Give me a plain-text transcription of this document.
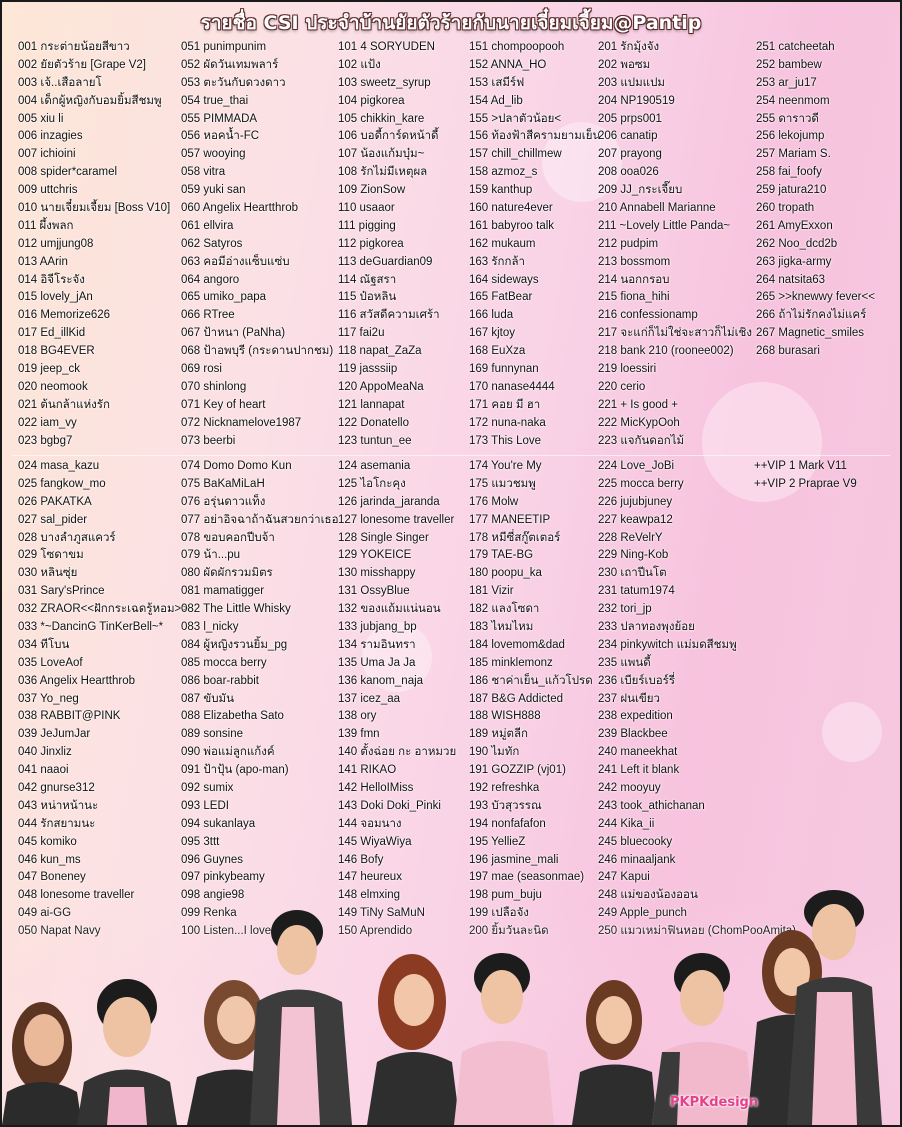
รายชื่อ CSI ประจำบ้านยัยตัวร้ายกับนายเจี๋ยมเจี้ยม@Pantip
001 กระต่ายน้อยสีขาว
002 ยัยตัวร้าย [Grape V2]
003 เจ้..เสือลายโ
004 เด็กผู้หญิงกับอมยิ้มสีชมพู
005 xiu li
006 inzagies
007 ichioini
008 spider*caramel
009 uttchris
010 นายเจี๋ยมเจี้ยม [Boss V10]
011 ผึ้งพลก
012 umjjung08
013 AArin
014 อิจีโระจัง
015 lovely_jAn
016 Memorize626
017 Ed_illKid
018 BG4EVER
019 jeep_ck
020 neomook
021 ต้นกล้าแห่งรัก
022 iam_vy
023 bgbg7
051 punimpunim
052 ผัดวันเทมพลาร์
053 ตะวันกับดวงดาว
054 true_thai
055 PIMMADA
056 หอคน้ำ-FC
057 wooying
058 vitra
059 yuki san
060 Angelix Heartthrob
061 ellvira
062 Satyros
063 คอมีอ่างแซ็บแซ่บ
064 angoro
065 umiko_papa
066 RTree
067 ป้าหนา (PaNha)
068 ป้าอพบุรี (กระดานปากชม)
069 rosi
070 shinlong
071 Key of heart
072 Nicknamelove1987
073 beerbi
101 4 SORYUDEN
102 แป้ง
103 sweetz_syrup
104 pigkorea
105 chikkin_kare
106 บอดี้การ์ดหน้าดี้
107 น้องแก้มบุ๋ม~
108 รักไม่มีเหตุผล
109 ZionSow
110 usaaor
111 pigging
112 pigkorea
113 deGuardian09
114 ณัฐสรา
115 ป๋อหลิน
116 สวัสดีความเศร้า
117 fai2u
118 napat_ZaZa
119 jasssiip
120 AppoMeaNa
121 lannapat
122 Donatello
123 tuntun_ee
151 chompoopooh
152 ANNA_HO
153 เสมีร์ฟ
154 Ad_lib
155 >ปลาตัวน้อย<
156 ท้องฟ้าสีครามยามเย็น
157 chill_chillmew
158 azmoz_s
159 kanthup
160 nature4ever
161 babyroo talk
162 mukaum
163 รักกล้า
164 sideways
165 FatBear
166 luda
167 kjtoy
168 EuXza
169 funnynan
170 nanase4444
171 คอย มี ฮา
172 nuna-naka
173 This Love
201 รักมุ้งจัง
202 พอซม
203 แปมแปม
204 NP190519
205 prps001
206 canatip
207 prayong
208 ooa026
209 JJ_กระเจี๊ยบ
210 Annabell Marianne
211 ~Lovely Little Panda~
212 pudpim
213 bossmom
214 นอกกรอบ
215 fiona_hihi
216 confessionamp
217 จะแก่ก็ไม่ใช่จะสาวก็ไม่เชิง
218 bank 210 (roonee002)
219 loessiri
220 cerio
221 + Is good +
222 MicKypOoh
223 แจกันดอกไม้
251 catcheetah
252 bambew
253 ar_ju17
254 neenmom
255 ดาราวดี
256 lekojump
257 Mariam S.
258 fai_foofy
259 jatura210
260 tropath
261 AmyExxon
262 Noo_dcd2b
263 jigka-army
264 natsita63
265 >>knewwy fever<<
266 ถ้าไม่รักคงไม่แคร์
267 Magnetic_smiles
268 burasari
024 masa_kazu
025 fangkow_mo
026 PAKATKA
027 sal_pider
028 บางลำภูสแควร์
029 โซดาขม
030 หลินซุ่ย
031 Sary'sPrince
032 ZRAOR<<ฝักกระเฉดรู้หอม>>
033 *~DancinG TinKerBell~*
034 ทีโบน
035 LoveAof
036 Angelix Heartthrob
037 Yo_neg
038 RABBIT@PINK
039 JeJumJar
040 Jinxliz
041 naaoi
042 gnurse312
043 หน่าหน้านะ
044 รักสยามนะ
045 komiko
046 kun_ms
047 Boneney
048 lonesome traveller
074 Domo Domo Kun
075 BaKaMiLaH
076 อรุ่นดาวแท็ง
077 อย่าอิจฉาถ้าฉันสวยกว่าเธอ
078 ขอบคอกปีบจ้า
079 น้า...pu
080 ผัดผักรวมมิตร
081 mamatigger
082 The Little Whisky
083 l_nicky
084 ผู้หญิงรวนยิ้ม_pg
085 mocca berry
086 boar-rabbit
087 ขับมัน
088 Elizabetha Sato
089 sonsine
090 พ่อแม่ลูกแก้งค์
091 ป้าปุ้น (apo-man)
092 sumix
093 LEDI
094 sukanlaya
095 3ttt
096 Guynes
097 pinkybeamy
098 angie98
124 asemania
125 ไอโกะคุง
126 jarinda_jaranda
127 lonesome traveller
128 Single Singer
129 YOKEICE
130 misshappy
131 OssyBlue
132 ของแถ้มแน่นอน
133 jubjang_bp
134 รามอินทรา
135 Uma Ja Ja
136 kanom_naja
137 icez_aa
138 ory
139 fmn
140 ตั้งฉ่อย กะ อาหมวย
141 RIKAO
142 HelloIMiss
143 Doki Doki_Pinki
144 จอมนาง
145 WiyaWiya
146 Bofy
147 heureux
148 elmxing
174 You're My
175 แมวชมพู
176 Molw
177 MANEETIP
178 หมีซี่สกู๊ตเตอร์
179 TAE-BG
180 poopu_ka
181 Vizir
182 แลงโซดา
183 ไหมไหม
184 lovemom&dad
185 minklemonz
186 ชาค่าเย็น_แก้วโปรด
187 B&G Addicted
188 WISH888
189 หมู่ตลีก
190 ไมทัก
191 GOZZIP (vj01)
192 refreshka
193 บัวสุวรรณ
194 nonfafafon
195 YellieZ
196 jasmine_mali
197 mae (seasonmae)
198 pum_buju
224 Love_JoBi
225 mocca berry
226 jujubjuney
227 keawpa12
228 ReVelrY
229 Ning-Kob
230 เถาปีนโต
231 tatum1974
232 tori_jp
233 ปลาทองพุงย้อย
234 pinkywitch แม่มดสีชมพู
235 แพนดี้
236 เบียร์เบอร์รี่
237 ฝนเขียว
238 expedition
239 Blackbee
240 maneekhat
241 Left it blank
242 mooyuy
243 took_athichanan
244 Kika_ii
245 bluecooky
246 minaaljank
247 Kapui
248 แม่ของน้องออน
++VIP 1 Mark V11
++VIP 2 Praprae V9
PKPKdesign
